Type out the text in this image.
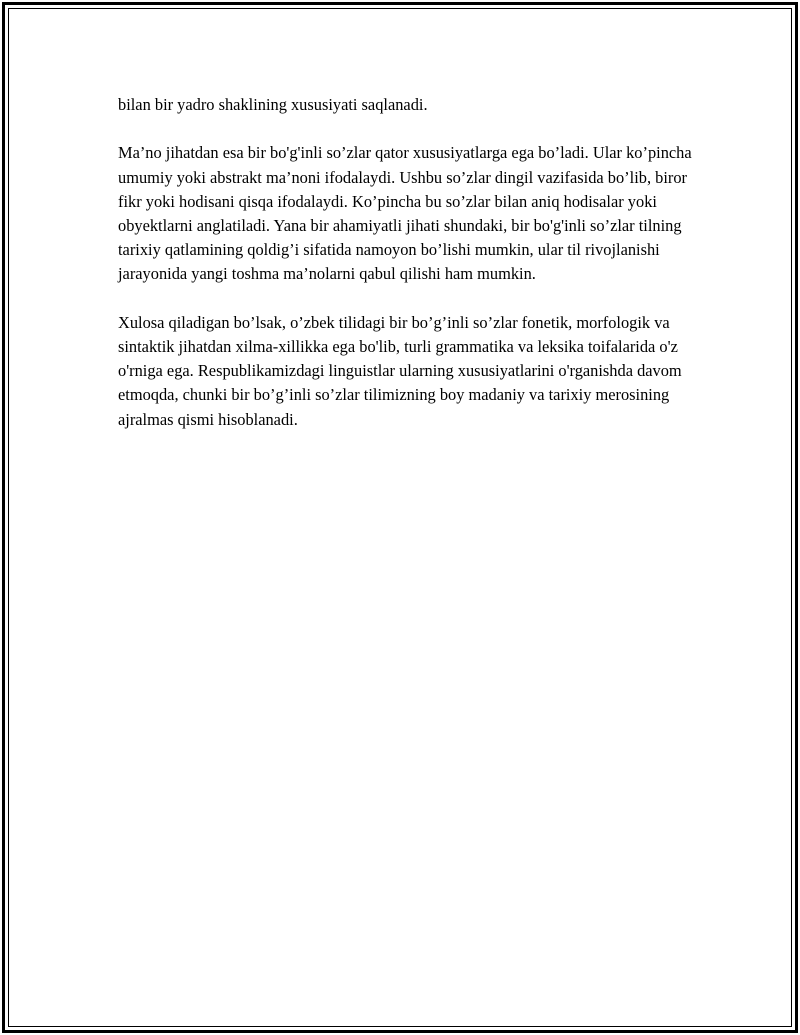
bilan bir yadro shaklining xususiyati saqlanadi.

Ma’no jihatdan esa bir bo'g'inli so’zlar qator xususiyatlarga ega bo’ladi. Ular ko’pincha umumiy yoki abstrakt ma’noni ifodalaydi. Ushbu so’zlar dingil vazifasida bo’lib, biror fikr yoki hodisani qisqa ifodalaydi. Ko’pincha bu so’zlar bilan aniq hodisalar yoki obyektlarni anglatiladi. Yana bir ahamiyatli jihati shundaki, bir bo'g'inli so’zlar tilning tarixiy qatlamining qoldig’i sifatida namoyon bo’lishi mumkin, ular til rivojlanishi jarayonida yangi toshma ma’nolarni qabul qilishi ham mumkin.

Xulosa qiladigan bo’lsak, o’zbek tilidagi bir bo’g’inli so’zlar fonetik, morfologik va sintaktik jihatdan xilma-xillikka ega bo'lib, turli grammatika va leksika toifalarida o'z o'rniga ega. Respublikamizdagi linguistlar ularning xususiyatlarini o'rganishda davom etmoqda, chunki bir bo’g’inli so’zlar tilimizning boy madaniy va tarixiy merosining ajralmas qismi hisoblanadi.
